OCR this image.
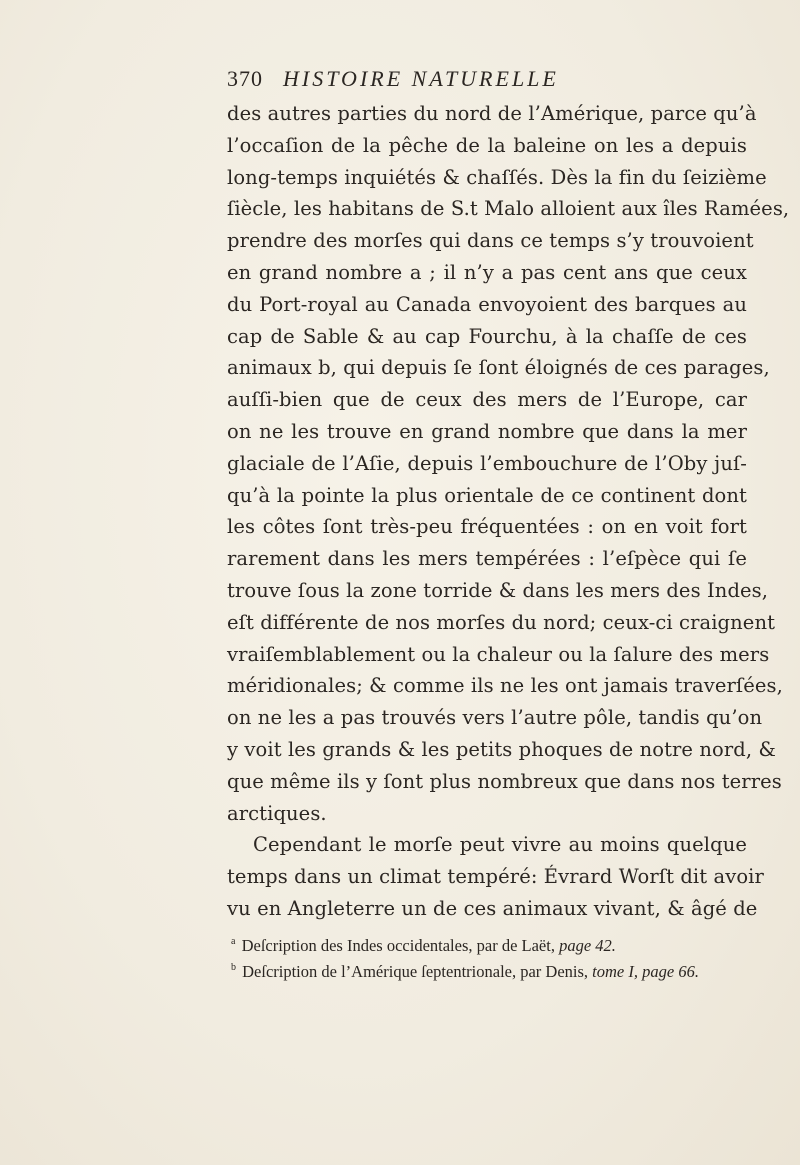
370 HISTOIRE NATURELLE
des autres parties du nord de l’Amérique, parce qu’à
l’occaſion de la pêche de la baleine on les a depuis
long-temps inquiétés & chaſſés. Dès la fin du ſeizième
ſiècle, les habitans de S.t Malo alloient aux îles Ramées,
prendre des morſes qui dans ce temps s’y trouvoient
en grand nombre a ; il n’y a pas cent ans que ceux
du Port-royal au Canada envoyoient des barques au
cap de Sable & au cap Fourchu, à la chaſſe de ces
animaux b, qui depuis ſe ſont éloignés de ces parages,
auſſi-bien que de ceux des mers de l’Europe, car
on ne les trouve en grand nombre que dans la mer
glaciale de l’Aſie, depuis l’embouchure de l’Oby juſ-
qu’à la pointe la plus orientale de ce continent dont
les côtes ſont très-peu fréquentées : on en voit fort
rarement dans les mers tempérées : l’eſpèce qui ſe
trouve ſous la zone torride & dans les mers des Indes,
eſt différente de nos morſes du nord; ceux-ci craignent
vraiſemblablement ou la chaleur ou la ſalure des mers
méridionales; & comme ils ne les ont jamais traverſées,
on ne les a pas trouvés vers l’autre pôle, tandis qu’on
y voit les grands & les petits phoques de notre nord, &
que même ils y ſont plus nombreux que dans nos terres
arctiques.
Cependant le morſe peut vivre au moins quelque
temps dans un climat tempéré: Évrard Worſt dit avoir
vu en Angleterre un de ces animaux vivant, & âgé de
$^a$ Deſcription des Indes occidentales, par de Laët, page 42.
$^b$ Deſcription de l’Amérique ſeptentrionale, par Denis, tome I, page 66.
